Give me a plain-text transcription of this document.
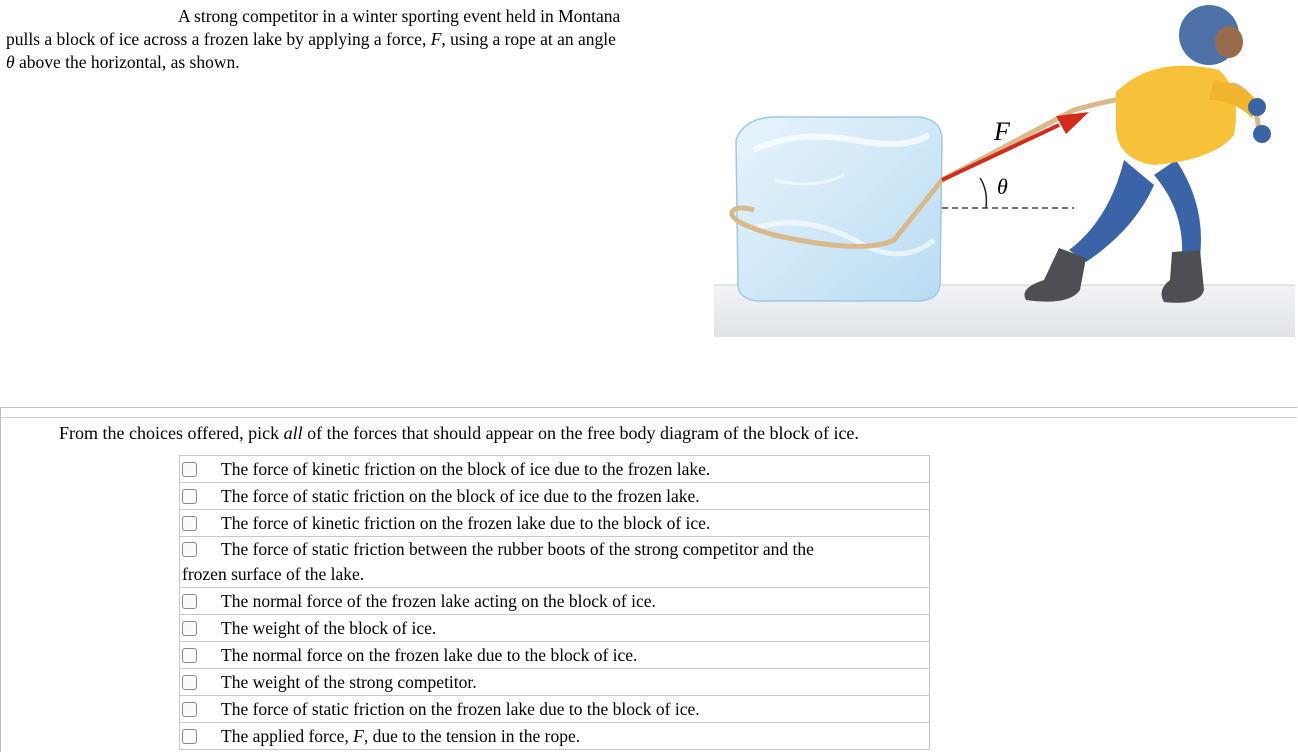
A strong competitor in a winter sporting event held in Montana
pulls a block of ice across a frozen lake by applying a force, F, using a rope at an angle
θ above the horizontal, as shown.
F
θ
From the choices offered, pick all of the forces that should appear on the free body diagram of the block of ice.
The force of kinetic friction on the block of ice due to the frozen lake.
The force of static friction on the block of ice due to the frozen lake.
The force of kinetic friction on the frozen lake due to the block of ice.
The force of static friction between the rubber boots of the strong competitor and the
frozen surface of the lake.
The normal force of the frozen lake acting on the block of ice.
The weight of the block of ice.
The normal force on the frozen lake due to the block of ice.
The weight of the strong competitor.
The force of static friction on the frozen lake due to the block of ice.
The applied force, F, due to the tension in the rope.
